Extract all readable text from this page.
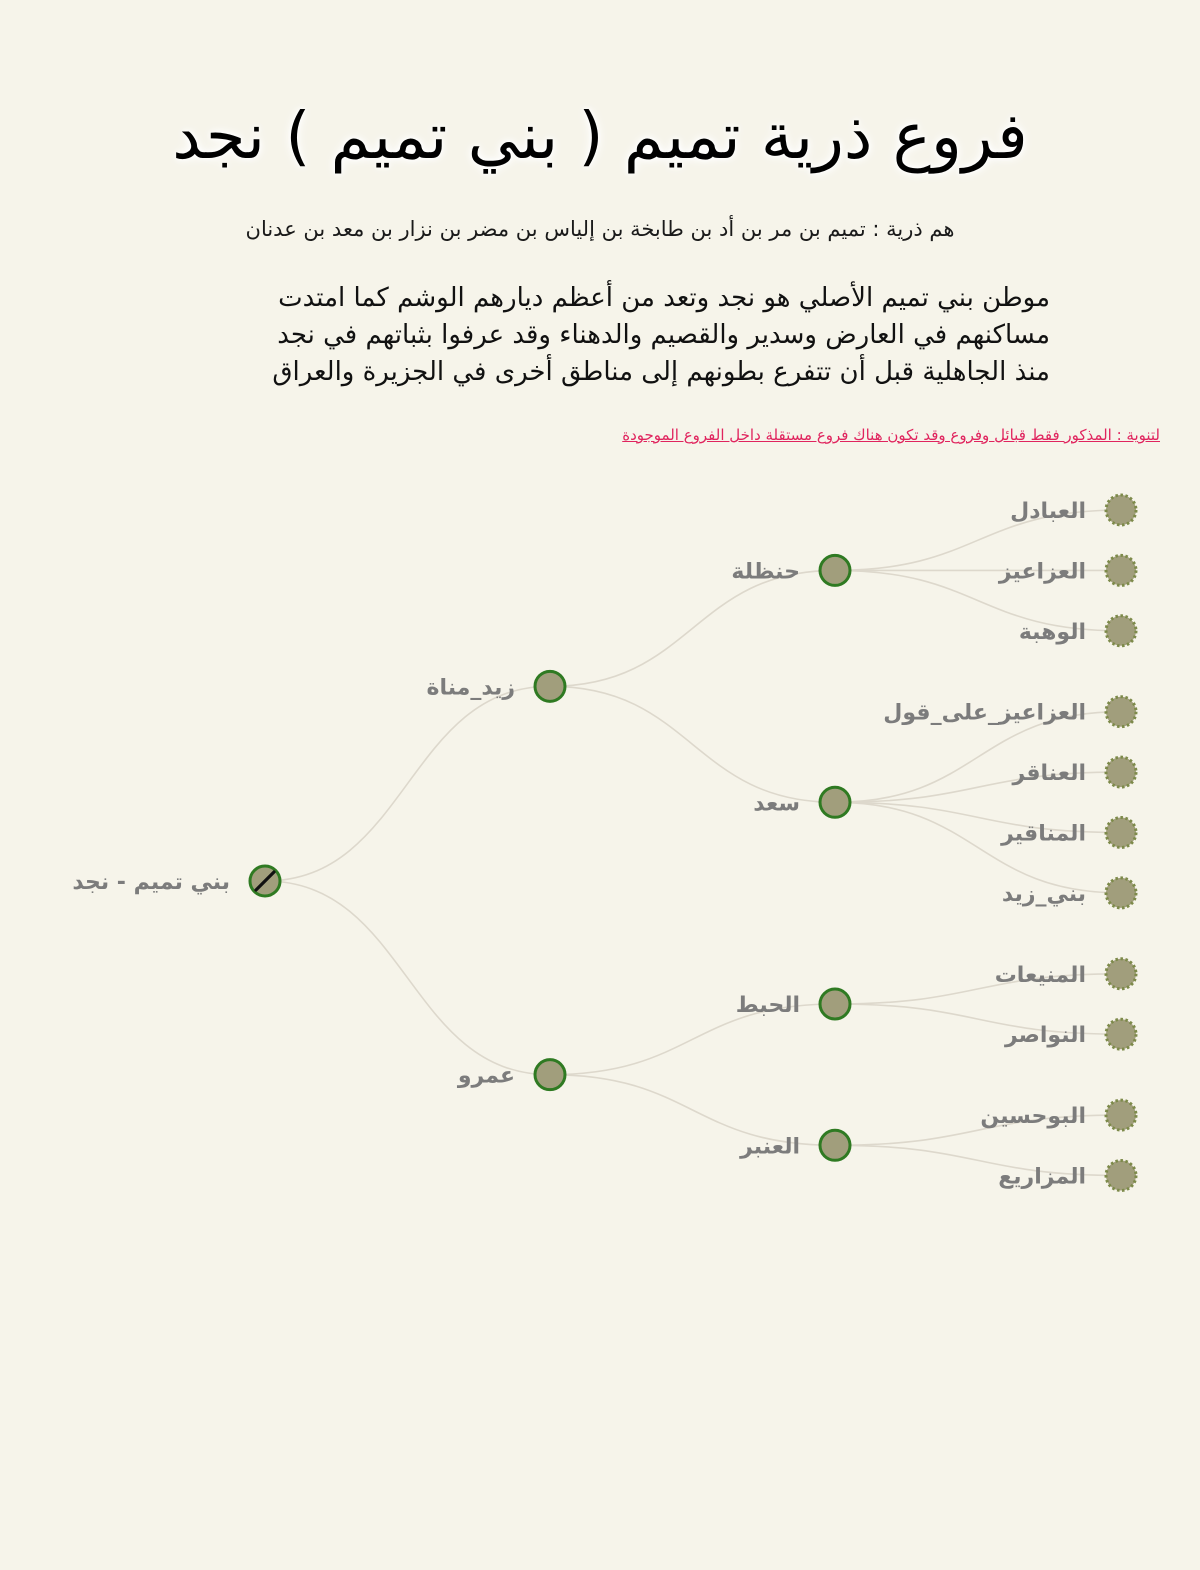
فروع ذرية تميم ( بني تميم ) نجد
هم ذرية : تميم بن مر بن أد بن طابخة بن إلياس بن مضر بن نزار بن معد بن عدنان
موطن بني تميم الأصلي هو نجد وتعد من أعظم ديارهم الوشم كما امتدت
مساكنهم في العارض وسدير والقصيم والدهناء وقد عرفوا بثباتهم في نجد
منذ الجاهلية قبل أن تتفرع بطونهم إلى مناطق أخرى في الجزيرة والعراق
لتنوية : المذكور فقط قبائل وفروع وقد تكون هناك فروع مستقلة داخل الفروع الموجودة
بني تميم - نجد
زيد_مناة
حنظلة
العبادل
العزاعيز
الوهبة
سعد
العزاعيز_على_قول
العناقر
المناقير
بني_زيد
عمرو
الحبط
المنيعات
النواصر
العنبر
البوحسين
المزاريع
